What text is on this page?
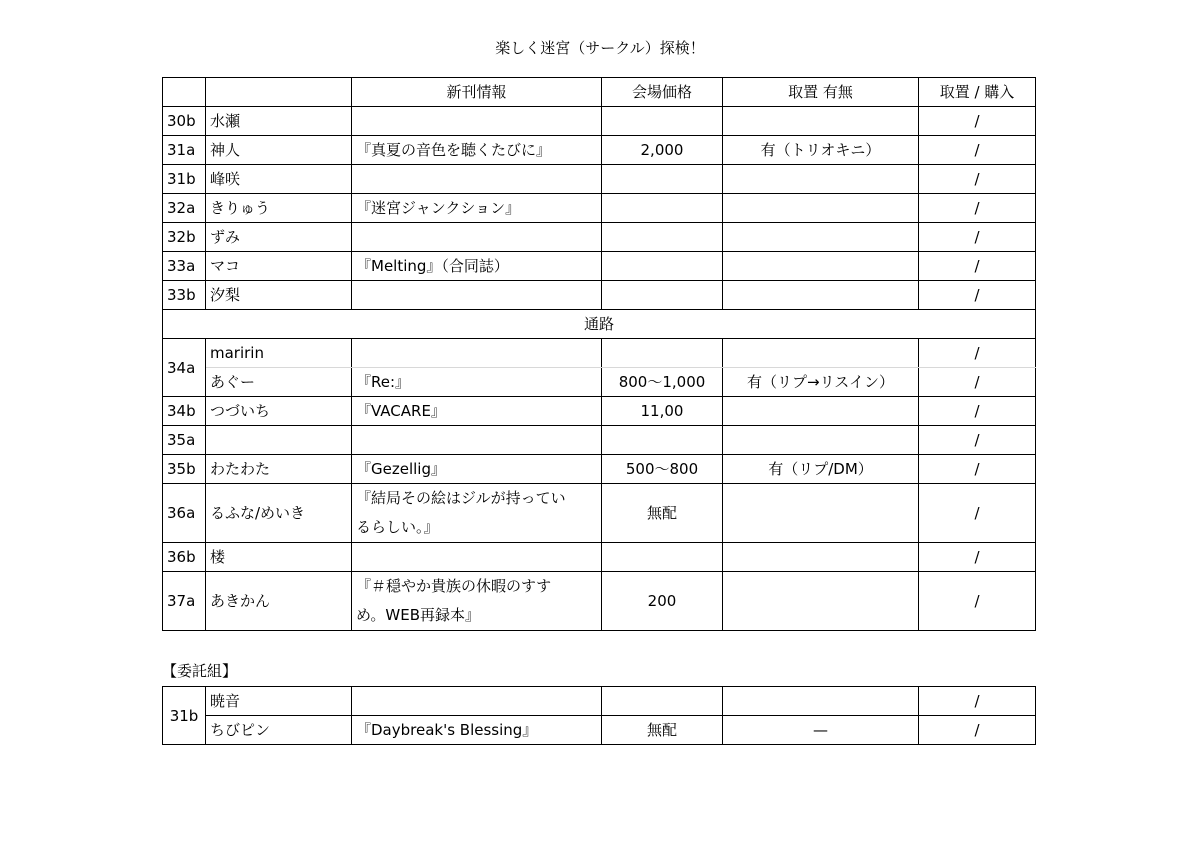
楽しく迷宮（サークル）探検！
		新刊情報	会場価格	取置 有無	取置 / 購入
30b	水瀬				/
31a	神人	『真夏の音色を聴くたびに』	2,000	有（トリオキニ）	/
31b	峰咲				/
32a	きりゅう	『迷宮ジャンクション』			/
32b	ずみ				/
33a	マコ	『Melting』（合同誌）			/
33b	汐梨				/
通路					
34a	maririn				/
	あぐー	『Re:』	800～1,000	有（リプ→リスイン）	/
34b	つづいち	『VACARE』	11,00		/
35a					/
35b	わたわた	『Gezellig』	500～800	有（リプ/DM）	/
36a	るふな/めいき	『結局その絵はジルが持ってい
るらしい。』	無配		/
36b	楼				/
37a	あきかん	『＃穏やか貴族の休暇のすす
め。WEB再録本』	200		/
【委託組】
31b	暁音				/
	ちびピン	『Daybreak's Blessing』	無配	—	/
